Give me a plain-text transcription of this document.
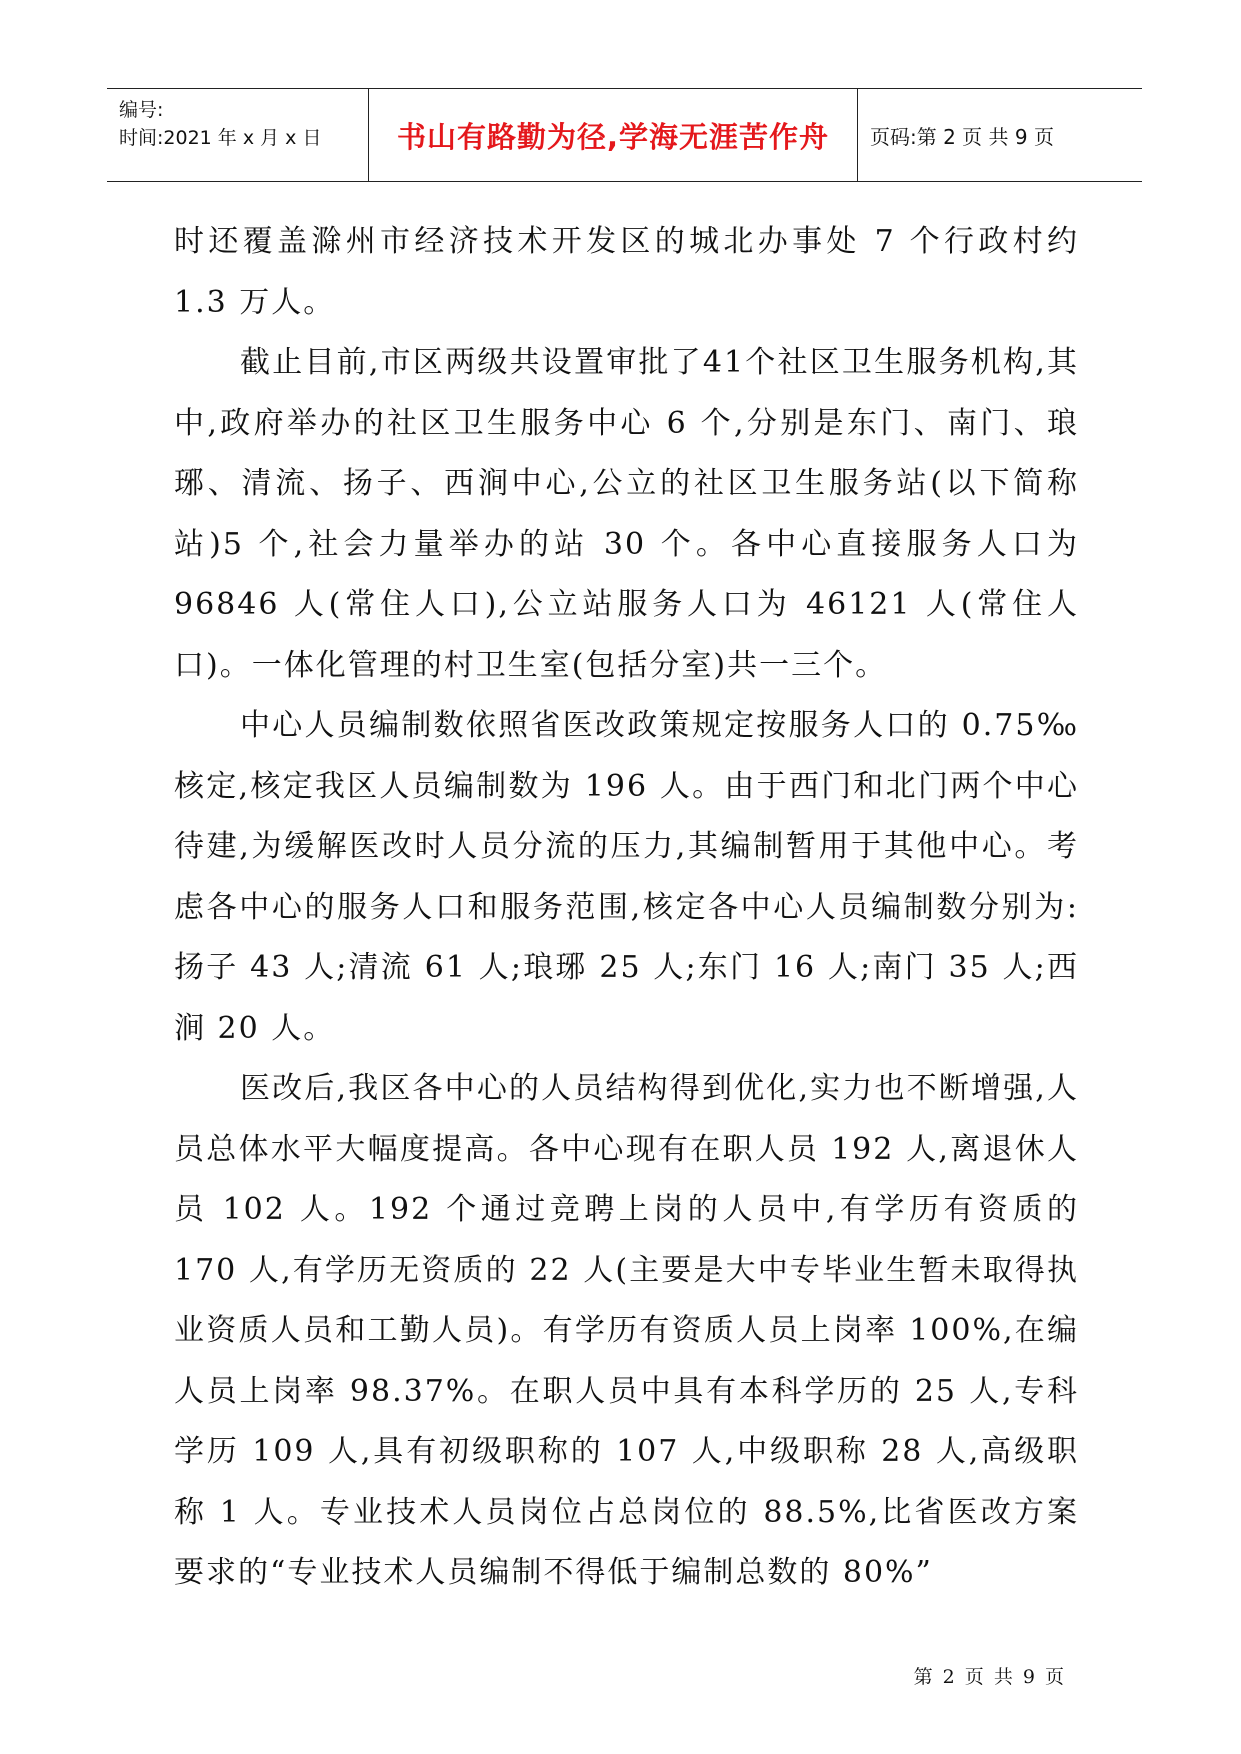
编号:
时间:2021 年 x 月 x 日	书山有路勤为径,学海无涯苦作舟 页码:第 2 页 共 9 页

时还覆盖滁州市经济技术开发区的城北办事处 7 个行政村约 1.3 万人。

截止目前,市区两级共设置审批了41个社区卫生服务机构,其中,政府举办的社区卫生服务中心 6 个,分别是东门、南门、琅琊、清流、扬子、西涧中心,公立的社区卫生服务站(以下简称站)5 个,社会力量举办的站 30 个。各中心直接服务人口为 96846 人(常住人口),公立站服务人口为 46121 人(常住人口)。一体化管理的村卫生室(包括分室)共一三个。

中心人员编制数依照省医改政策规定按服务人口的 0.75‰ 核定,核定我区人员编制数为 196 人。由于西门和北门两个中心待建,为缓解医改时人员分流的压力,其编制暂用于其他中心。考虑各中心的服务人口和服务范围,核定各中心人员编制数分别为:扬子 43 人;清流 61 人;琅琊 25 人;东门 16 人;南门 35 人;西涧 20 人。

医改后,我区各中心的人员结构得到优化,实力也不断增强,人员总体水平大幅度提高。各中心现有在职人员 192 人,离退休人员 102 人。192 个通过竞聘上岗的人员中,有学历有资质的 170 人,有学历无资质的 22 人(主要是大中专毕业生暂未取得执业资质人员和工勤人员)。有学历有资质人员上岗率 100%,在编人员上岗率 98.37%。在职人员中具有本科学历的 25 人,专科学历 109 人,具有初级职称的 107 人,中级职称 28 人,高级职称 1 人。专业技术人员岗位占总岗位的 88.5%,比省医改方案要求的“专业技术人员编制不得低于编制总数的 80%”

第 2 页 共 9 页
